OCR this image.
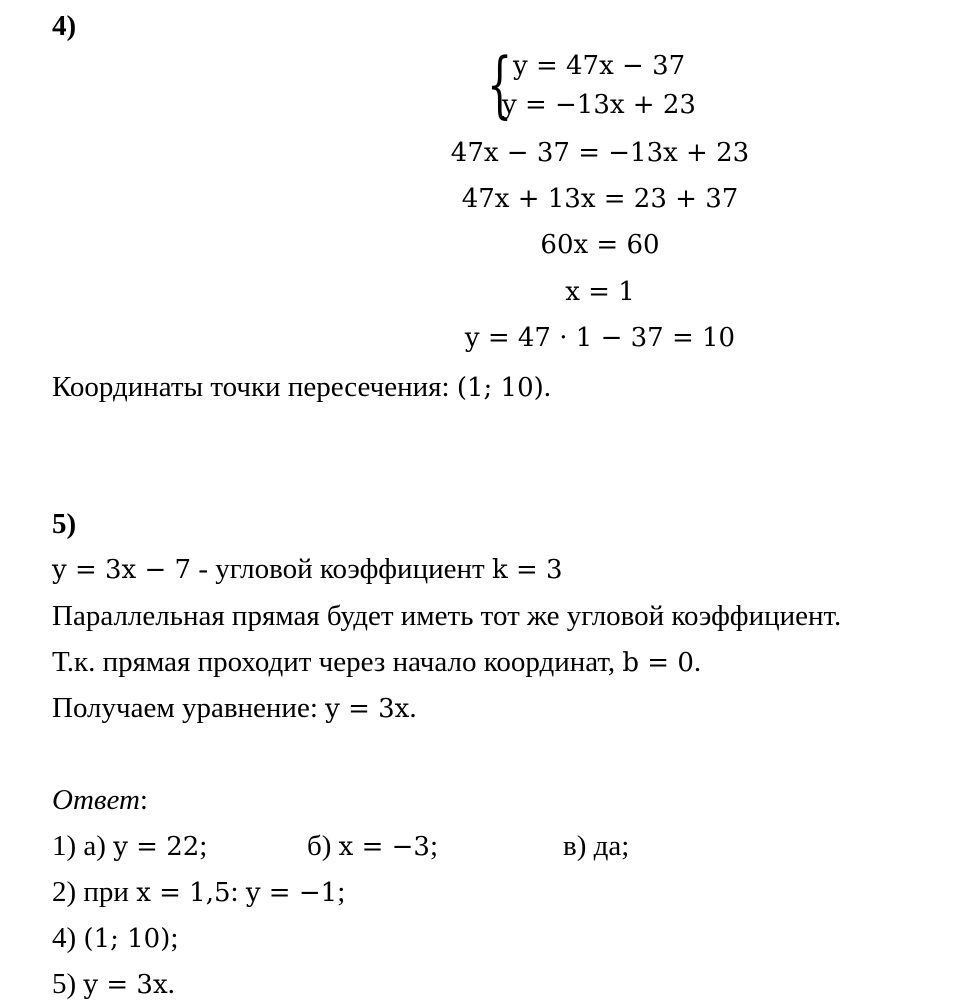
4)
{ y = 47x − 37
y = −13x + 23
47x − 37 = −13x + 23
47x + 13x = 23 + 37
60x = 60
x = 1
y = 47 · 1 − 37 = 10
Координаты точки пересечения: (1; 10).
5)
y = 3x − 7 - угловой коэффициент k = 3
Параллельная прямая будет иметь тот же угловой коэффициент.
Т.к. прямая проходит через начало координат, b = 0.
Получаем уравнение: y = 3x.
Ответ:
1) а) y = 22;	б) x = −3;	в) да;
2) при x = 1,5: y = −1;
4) (1; 10);
5) y = 3x.
